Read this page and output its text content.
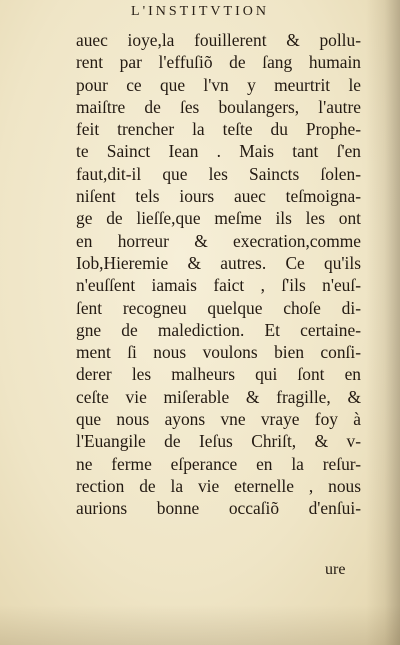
L'INSTITVTION
auec ioye,la fouillerent & pollu-
rent par l'effuſiõ de ſang humain
pour ce que l'vn y meurtrit le
maiſtre de ſes boulangers, l'autre
feit trencher la teſte du Prophe-
te Sainct Iean . Mais tant ſ'en
faut,dit-il que les Saincts ſolen-
niſent tels iours auec teſmoigna-
ge de lieſſe,que meſme ils les ont
en horreur & execration,comme
Iob,Hieremie & autres. Ce qu'ils
n'euſſent iamais faict , ſ'ils n'euſ-
ſent recogneu quelque choſe di-
gne de malediction. Et certaine-
ment ſi nous voulons bien conſi-
derer les malheurs qui ſont en
ceſte vie miſerable & fragille, &
que nous ayons vne vraye foy à
l'Euangile de Ieſus Chriſt, & v-
ne ferme eſperance en la reſur-
rection de la vie eternelle , nous
aurions bonne occaſiõ d'enſui-
ure
